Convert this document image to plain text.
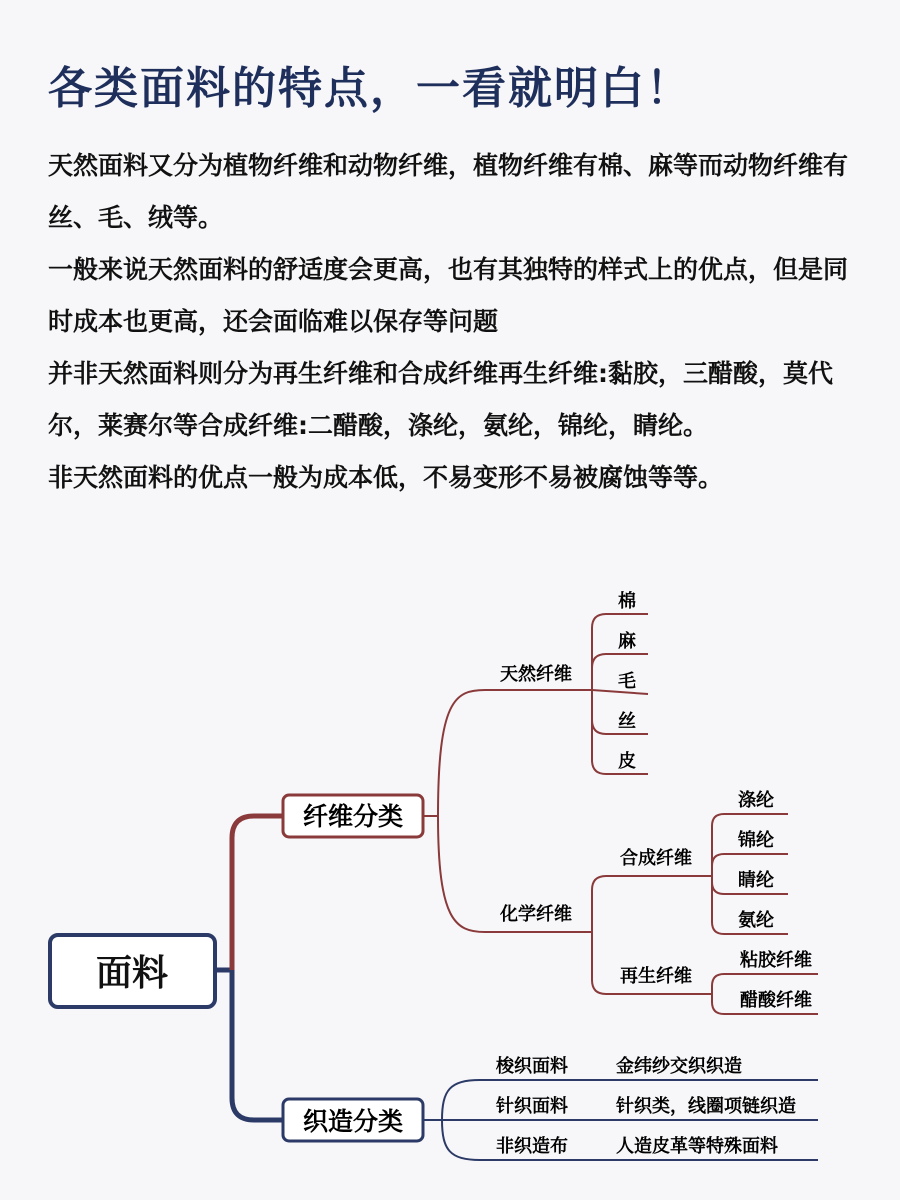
各类面料的特点，一看就明白！

天然面料又分为植物纤维和动物纤维，植物纤维有棉、麻等而动物纤维有丝、毛、绒等。

一般来说天然面料的舒适度会更高，也有其独特的样式上的优点，但是同时成本也更高，还会面临难以保存等问题

并非天然面料则分为再生纤维和合成纤维再生纤维:黏胶，三醋酸，莫代尔，莱赛尔等合成纤维:二醋酸，涤纶，氨纶，锦纶，睛纶。

非天然面料的优点一般为成本低，不易变形不易被腐蚀等等。

面料
纤维分类
天然纤维
化学纤维
棉
麻
毛
丝
皮
合成纤维
再生纤维
涤纶
锦纶
睛纶
氨纶
粘胶纤维
醋酸纤维
织造分类
梭织面料	金纬纱交织织造
针织面料	针织类，线圈项链织造
非织造布	人造皮革等特殊面料
